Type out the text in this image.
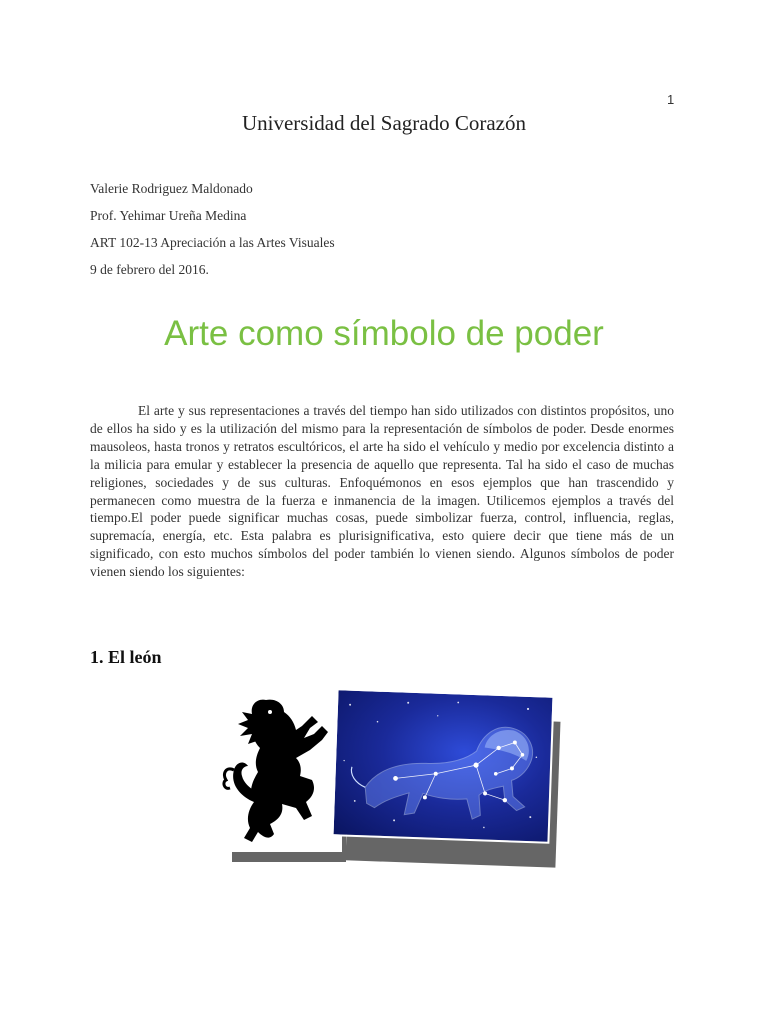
1
Universidad del Sagrado Corazón
Valerie Rodriguez Maldonado
Prof. Yehimar Ureña Medina
ART 102-13 Apreciación a las Artes Visuales
9 de febrero del 2016.
Arte como símbolo de poder
El arte y sus representaciones a través del tiempo han sido utilizados con distintos propósitos, uno de ellos ha sido y es la utilización del mismo para la representación de símbolos de poder. Desde enormes mausoleos, hasta tronos y retratos escultóricos, el arte ha sido el vehículo y medio por excelencia distinto a la milicia para emular y establecer la presencia de aquello que representa. Tal ha sido el caso de muchas religiones, sociedades y de sus culturas. Enfoquémonos en esos ejemplos que han trascendido y permanecen como muestra de la fuerza e inmanencia de la imagen. Utilicemos ejemplos a través del tiempo.El poder puede significar muchas cosas, puede simbolizar fuerza, control, influencia, reglas, supremacía, energía, etc. Esta palabra es plurisignificativa, esto quiere decir que tiene más de un significado, con esto muchos símbolos del poder también lo vienen siendo. Algunos símbolos de poder vienen siendo los siguientes:
1. El león
